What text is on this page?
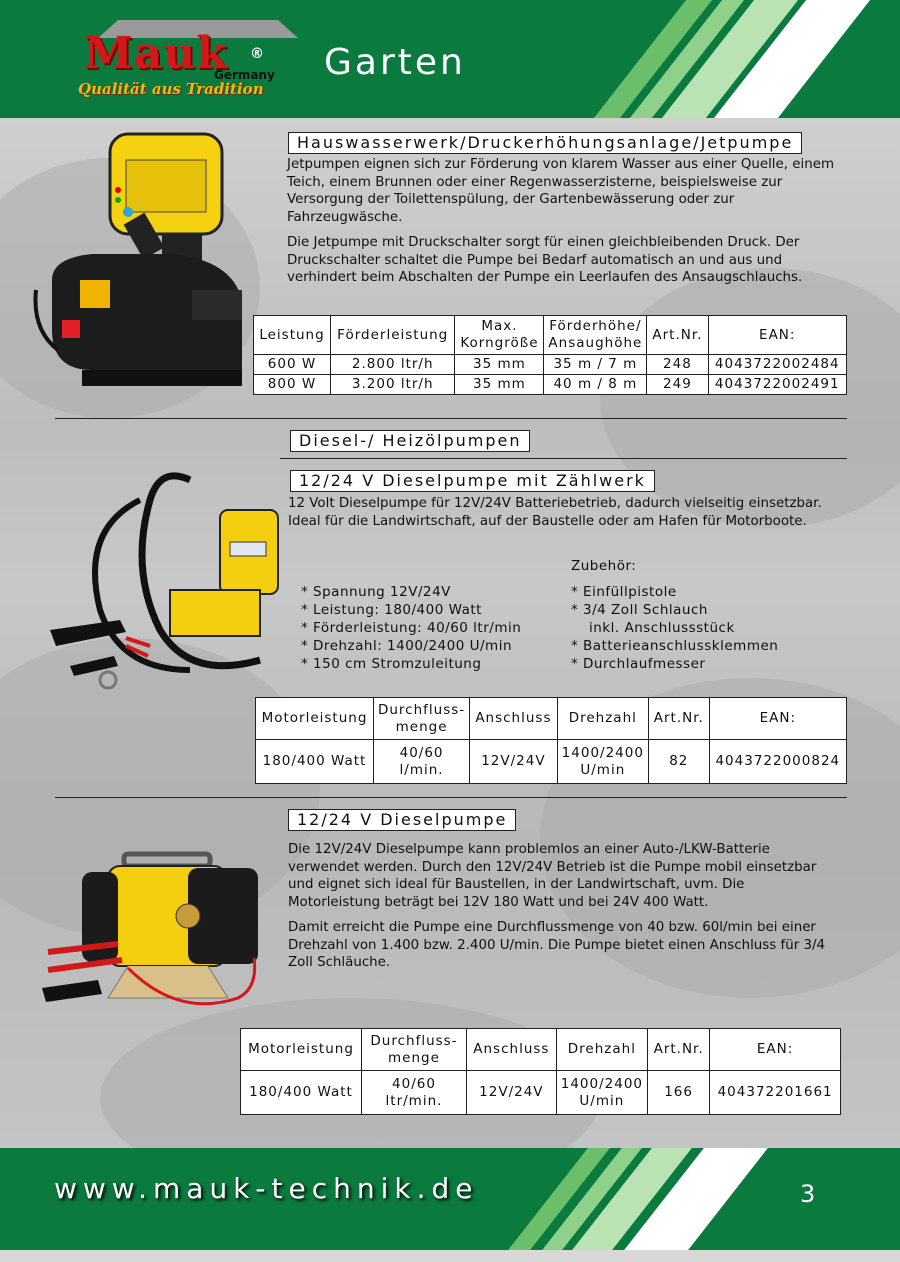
Mauk ®
Germany
Qualität aus Tradition
Garten
Hauswasserwerk/Druckerhöhungsanlage/Jetpumpe

Jetpumpen eignen sich zur Förderung von klarem Wasser aus einer Quelle, einem Teich, einem Brunnen oder einer Regenwasserzisterne, beispielsweise zur Versorgung der Toilettenspülung, der Gartenbewässerung oder zur Fahrzeugwäsche.

Die Jetpumpe mit Druckschalter sorgt für einen gleichbleibenden Druck. Der Druckschalter schaltet die Pumpe bei Bedarf automatisch an und aus und verhindert beim Abschalten der Pumpe ein Leerlaufen des Ansaugschlauchs.

Leistung	Förderleistung	Max. Korngröße	Förderhöhe/ Ansaughöhe	Art.Nr.	EAN:
600 W	2.800 ltr/h	35 mm	35 m / 7 m	248	4043722002484
800 W	3.200 ltr/h	35 mm	40 m / 8 m	249	4043722002491
Diesel-/ Heizölpumpen
12/24 V Dieselpumpe mit Zählwerk
12 Volt Dieselpumpe für 12V/24V Batteriebetrieb, dadurch vielseitig einsetzbar. Ideal für die Landwirtschaft, auf der Baustelle oder am Hafen für Motorboote.
Zubehör:
* Spannung 12V/24V
* Leistung: 180/400 Watt
* Förderleistung: 40/60 ltr/min
* Drehzahl: 1400/2400 U/min
* 150 cm Stromzuleitung
* Einfüllpistole
* 3/4 Zoll Schlauch
inkl. Anschlussstück
* Batterieanschlussklemmen
* Durchlaufmesser
Motorleistung	Durchfluss-menge	Anschluss	Drehzahl	Art.Nr.	EAN:
180/400 Watt	40/60 l/min.	12V/24V	1400/2400 U/min	82	4043722000824
12/24 V Dieselpumpe

Die 12V/24V Dieselpumpe kann problemlos an einer Auto-/LKW-Batterie verwendet werden. Durch den 12V/24V Betrieb ist die Pumpe mobil einsetzbar und eignet sich ideal für Baustellen, in der Landwirtschaft, uvm. Die Motorleistung beträgt bei 12V 180 Watt und bei 24V 400 Watt.

Damit erreicht die Pumpe eine Durchflussmenge von 40 bzw. 60l/min bei einer Drehzahl von 1.400 bzw. 2.400 U/min. Die Pumpe bietet einen Anschluss für 3/4 Zoll Schläuche.

Motorleistung	Durchfluss-menge	Anschluss	Drehzahl	Art.Nr.	EAN:
180/400 Watt	40/60 ltr/min.	12V/24V	1400/2400 U/min	166	404372201661
www.mauk-technik.de	3
